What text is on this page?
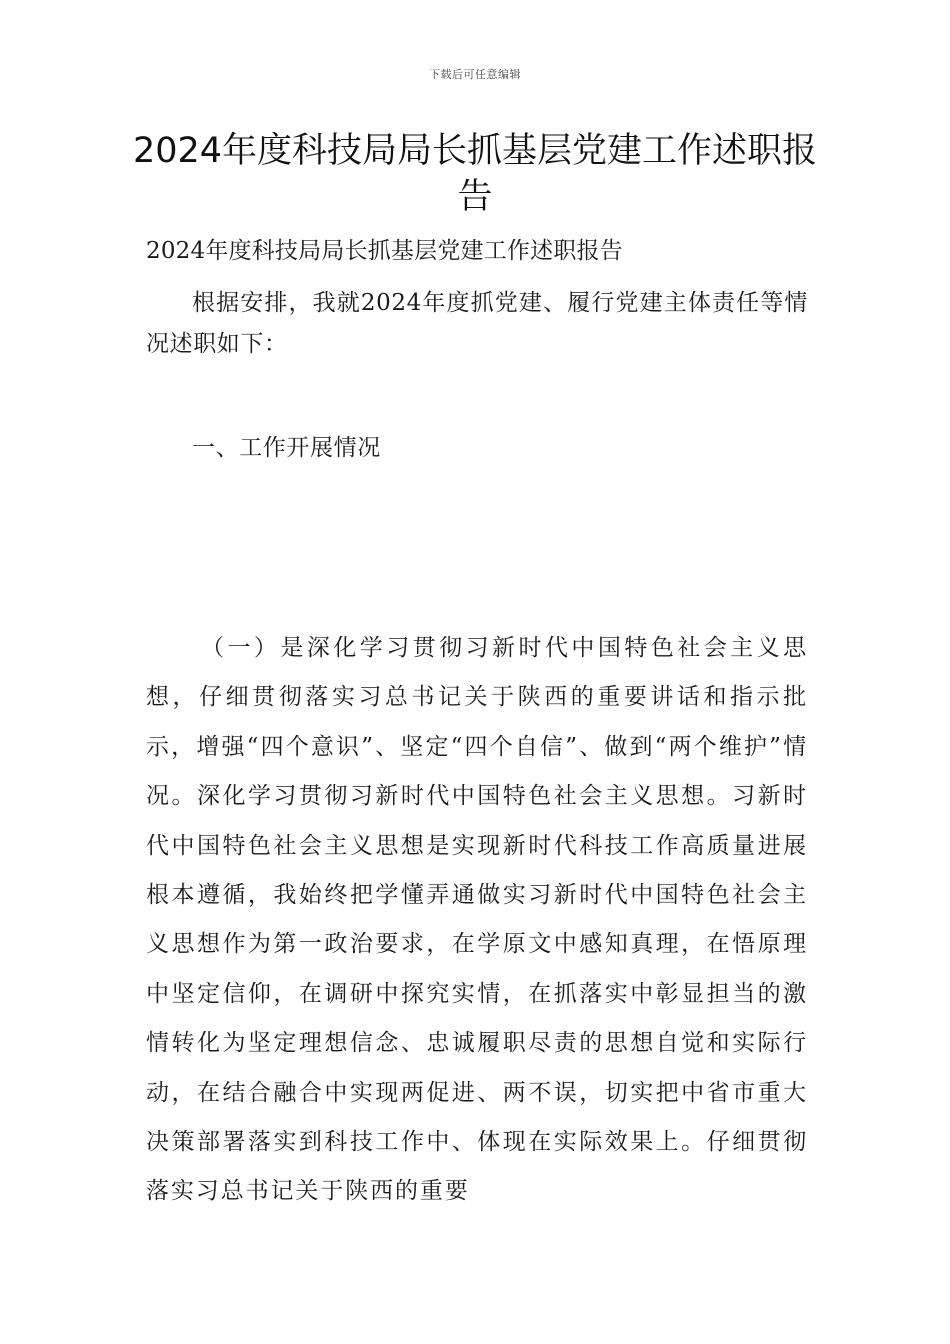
下载后可任意编辑
2024年度科技局局长抓基层党建工作述职报告

2024年度科技局局长抓基层党建工作述职报告

根据安排，我就2024年度抓党建、履行党建主体责任等情况述职如下：

一、工作开展情况

（一）是深化学习贯彻习新时代中国特色社会主义思想，仔细贯彻落实习总书记关于陕西的重要讲话和指示批示，增强“四个意识”、坚定“四个自信”、做到“两个维护”情况。深化学习贯彻习新时代中国特色社会主义思想。习新时代中国特色社会主义思想是实现新时代科技工作高质量进展根本遵循，我始终把学懂弄通做实习新时代中国特色社会主义思想作为第一政治要求，在学原文中感知真理，在悟原理中坚定信仰，在调研中探究实情，在抓落实中彰显担当的激情转化为坚定理想信念、忠诚履职尽责的思想自觉和实际行动，在结合融合中实现两促进、两不误，切实把中省市重大决策部署落实到科技工作中、体现在实际效果上。仔细贯彻落实习总书记关于陕西的重要
